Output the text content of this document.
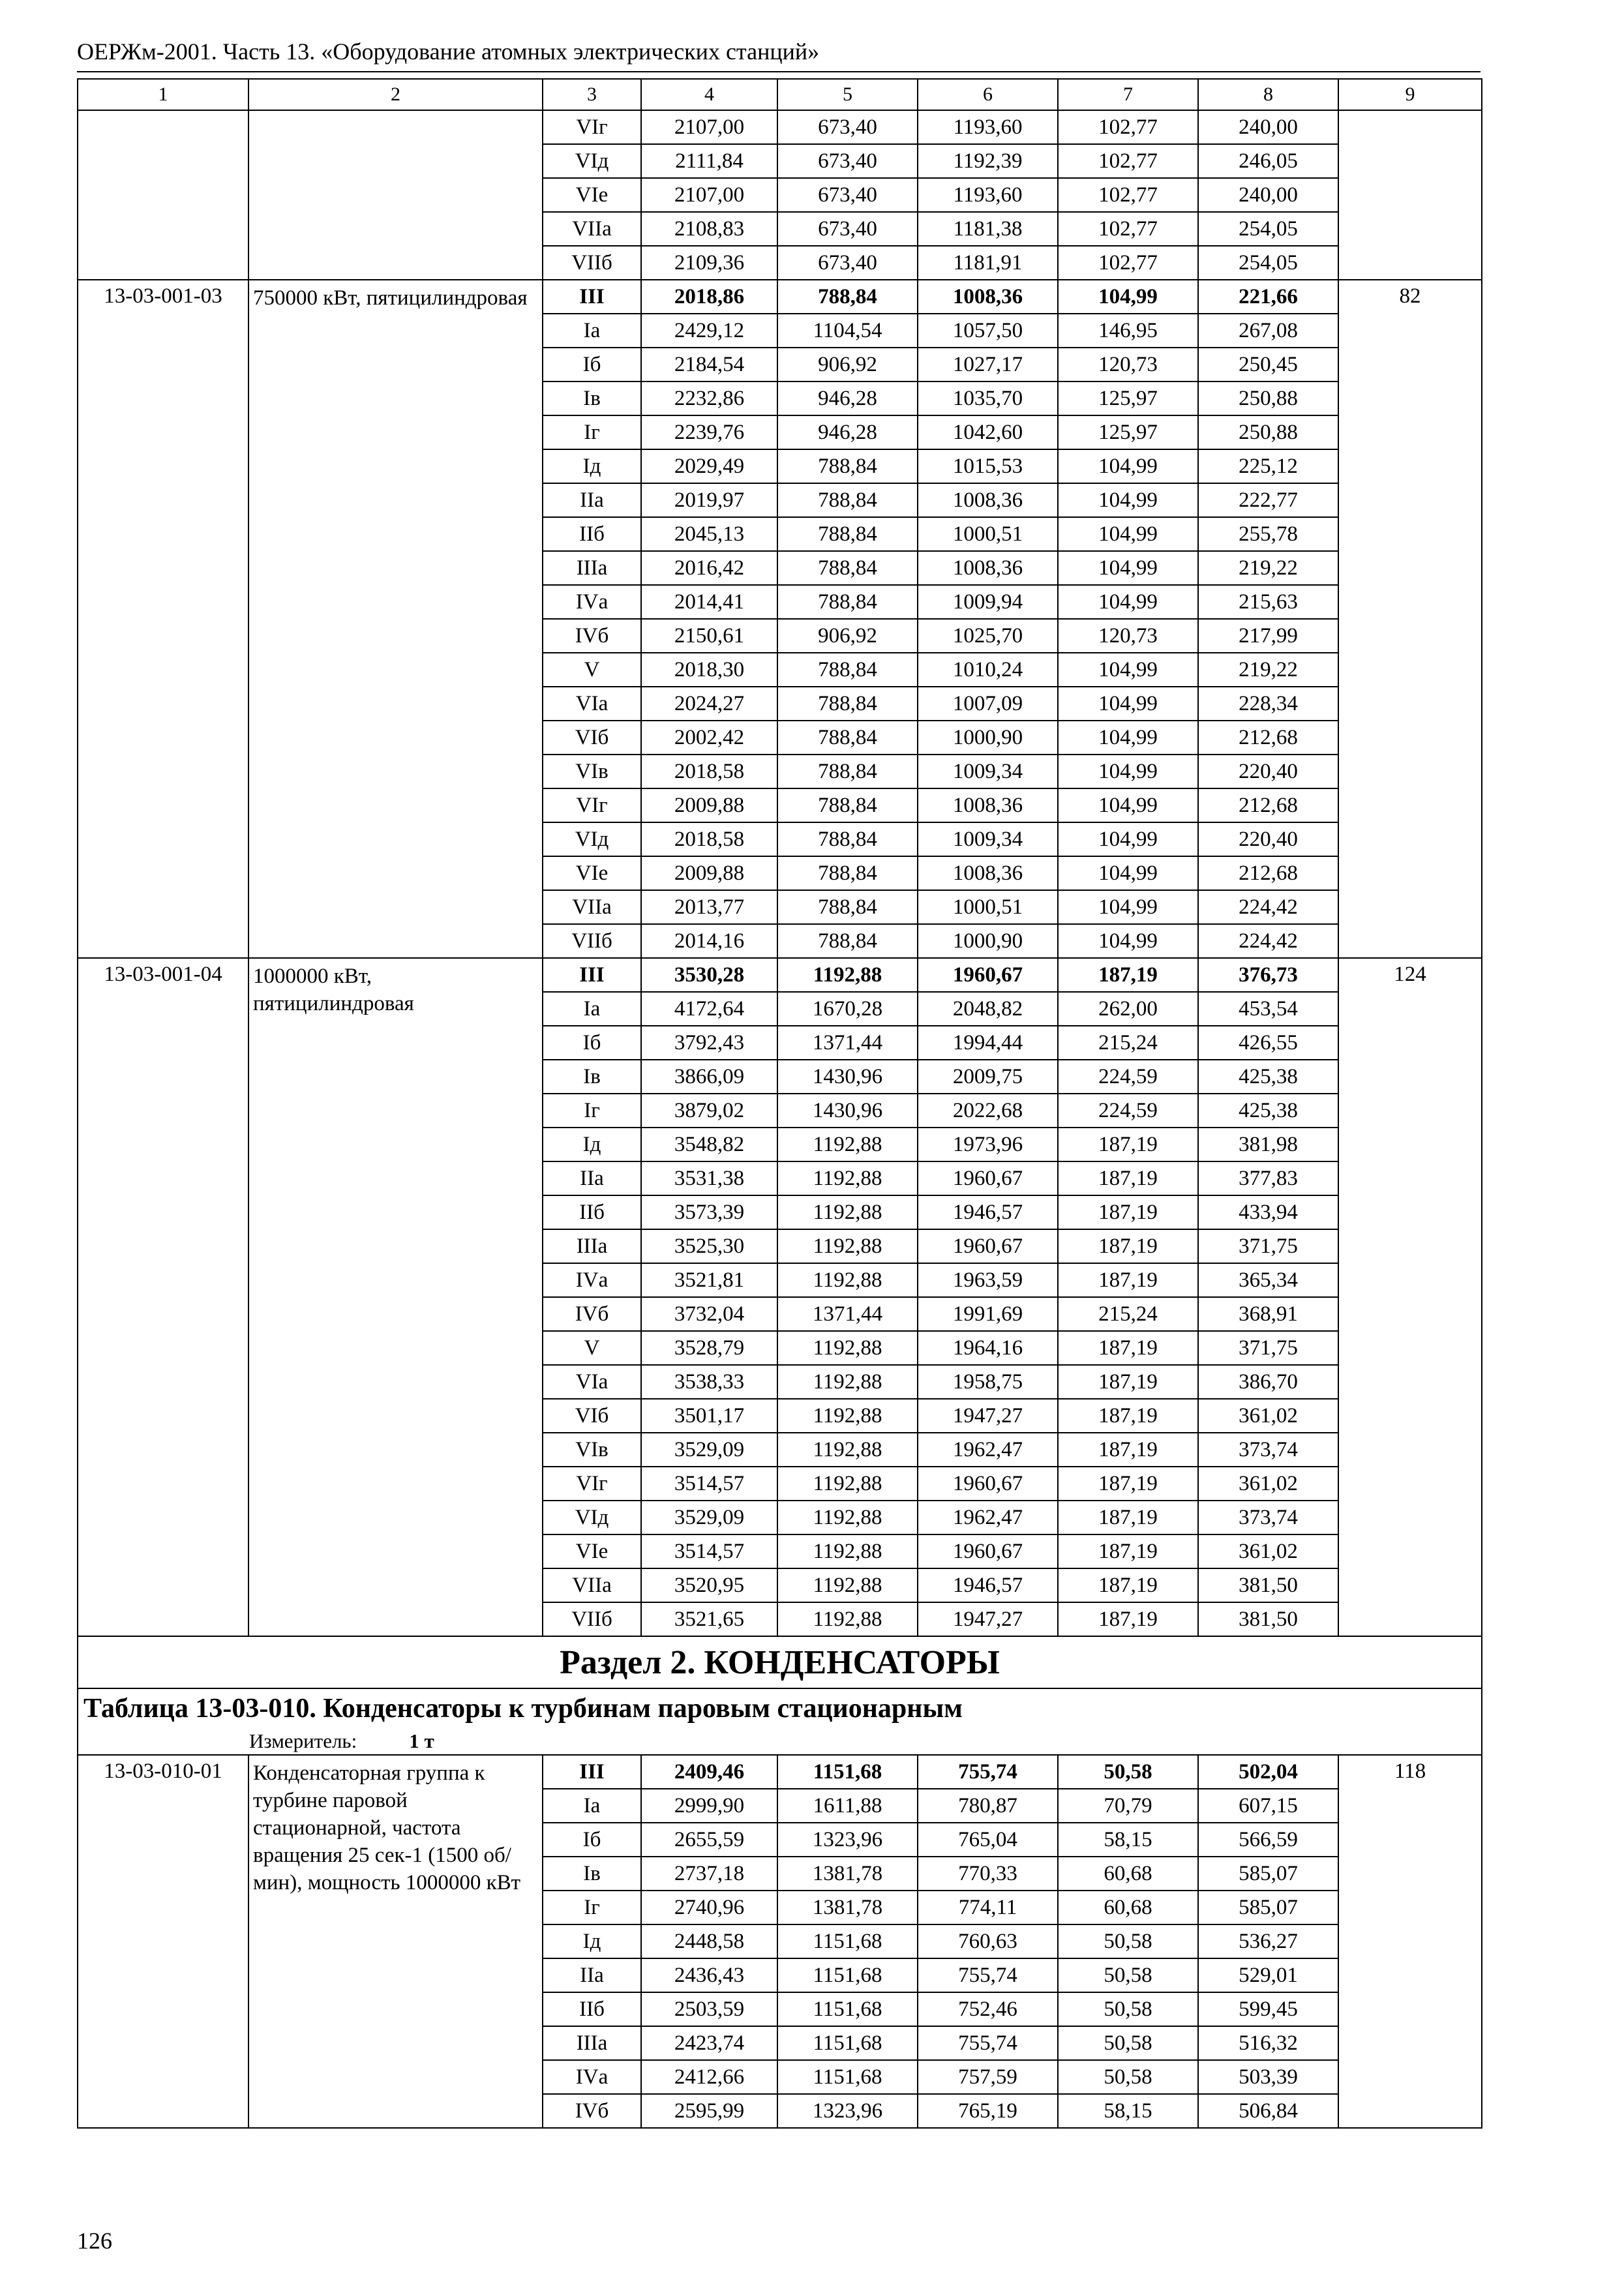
ОЕРЖм-2001. Часть 13. «Оборудование атомных электрических станций»
1	2	3	4	5	6	7	8	9
		VIг	2107,00	673,40	1193,60	102,77	240,00	
		VIд	2111,84	673,40	1192,39	102,77	246,05	
		VIе	2107,00	673,40	1193,60	102,77	240,00	
		VIIа	2108,83	673,40	1181,38	102,77	254,05	
		VIIб	2109,36	673,40	1181,91	102,77	254,05	
13-03-001-03	750000 кВт, пятицилиндровая	III	2018,86	788,84	1008,36	104,99	221,66	82
		Iа	2429,12	1104,54	1057,50	146,95	267,08	
		Iб	2184,54	906,92	1027,17	120,73	250,45	
		Iв	2232,86	946,28	1035,70	125,97	250,88	
		Iг	2239,76	946,28	1042,60	125,97	250,88	
		Iд	2029,49	788,84	1015,53	104,99	225,12	
		IIа	2019,97	788,84	1008,36	104,99	222,77	
		IIб	2045,13	788,84	1000,51	104,99	255,78	
		IIIа	2016,42	788,84	1008,36	104,99	219,22	
		IVа	2014,41	788,84	1009,94	104,99	215,63	
		IVб	2150,61	906,92	1025,70	120,73	217,99	
		V	2018,30	788,84	1010,24	104,99	219,22	
		VIа	2024,27	788,84	1007,09	104,99	228,34	
		VIб	2002,42	788,84	1000,90	104,99	212,68	
		VIв	2018,58	788,84	1009,34	104,99	220,40	
		VIг	2009,88	788,84	1008,36	104,99	212,68	
		VIд	2018,58	788,84	1009,34	104,99	220,40	
		VIе	2009,88	788,84	1008,36	104,99	212,68	
		VIIа	2013,77	788,84	1000,51	104,99	224,42	
		VIIб	2014,16	788,84	1000,90	104,99	224,42	
13-03-001-04	1000000 кВт, пятицилиндровая	III	3530,28	1192,88	1960,67	187,19	376,73	124
		Iа	4172,64	1670,28	2048,82	262,00	453,54	
		Iб	3792,43	1371,44	1994,44	215,24	426,55	
		Iв	3866,09	1430,96	2009,75	224,59	425,38	
		Iг	3879,02	1430,96	2022,68	224,59	425,38	
		Iд	3548,82	1192,88	1973,96	187,19	381,98	
		IIа	3531,38	1192,88	1960,67	187,19	377,83	
		IIб	3573,39	1192,88	1946,57	187,19	433,94	
		IIIа	3525,30	1192,88	1960,67	187,19	371,75	
		IVа	3521,81	1192,88	1963,59	187,19	365,34	
		IVб	3732,04	1371,44	1991,69	215,24	368,91	
		V	3528,79	1192,88	1964,16	187,19	371,75	
		VIа	3538,33	1192,88	1958,75	187,19	386,70	
		VIб	3501,17	1192,88	1947,27	187,19	361,02	
		VIв	3529,09	1192,88	1962,47	187,19	373,74	
		VIг	3514,57	1192,88	1960,67	187,19	361,02	
		VIд	3529,09	1192,88	1962,47	187,19	373,74	
		VIе	3514,57	1192,88	1960,67	187,19	361,02	
		VIIа	3520,95	1192,88	1946,57	187,19	381,50	
		VIIб	3521,65	1192,88	1947,27	187,19	381,50	
Раздел 2. КОНДЕНСАТОРЫ								
Таблица 13-03-010. Конденсаторы к турбинам паровым стационарным								
Измеритель: 1 т								
13-03-010-01	Конденсаторная группа к турбине паровой стационарной, частота вращения 25 сек-1 (1500 об/мин), мощность 1000000 кВт	III	2409,46	1151,68	755,74	50,58	502,04	118
		Iа	2999,90	1611,88	780,87	70,79	607,15	
		Iб	2655,59	1323,96	765,04	58,15	566,59	
		Iв	2737,18	1381,78	770,33	60,68	585,07	
		Iг	2740,96	1381,78	774,11	60,68	585,07	
		Iд	2448,58	1151,68	760,63	50,58	536,27	
		IIа	2436,43	1151,68	755,74	50,58	529,01	
		IIб	2503,59	1151,68	752,46	50,58	599,45	
		IIIа	2423,74	1151,68	755,74	50,58	516,32	
		IVа	2412,66	1151,68	757,59	50,58	503,39	
		IVб	2595,99	1323,96	765,19	58,15	506,84	
126
